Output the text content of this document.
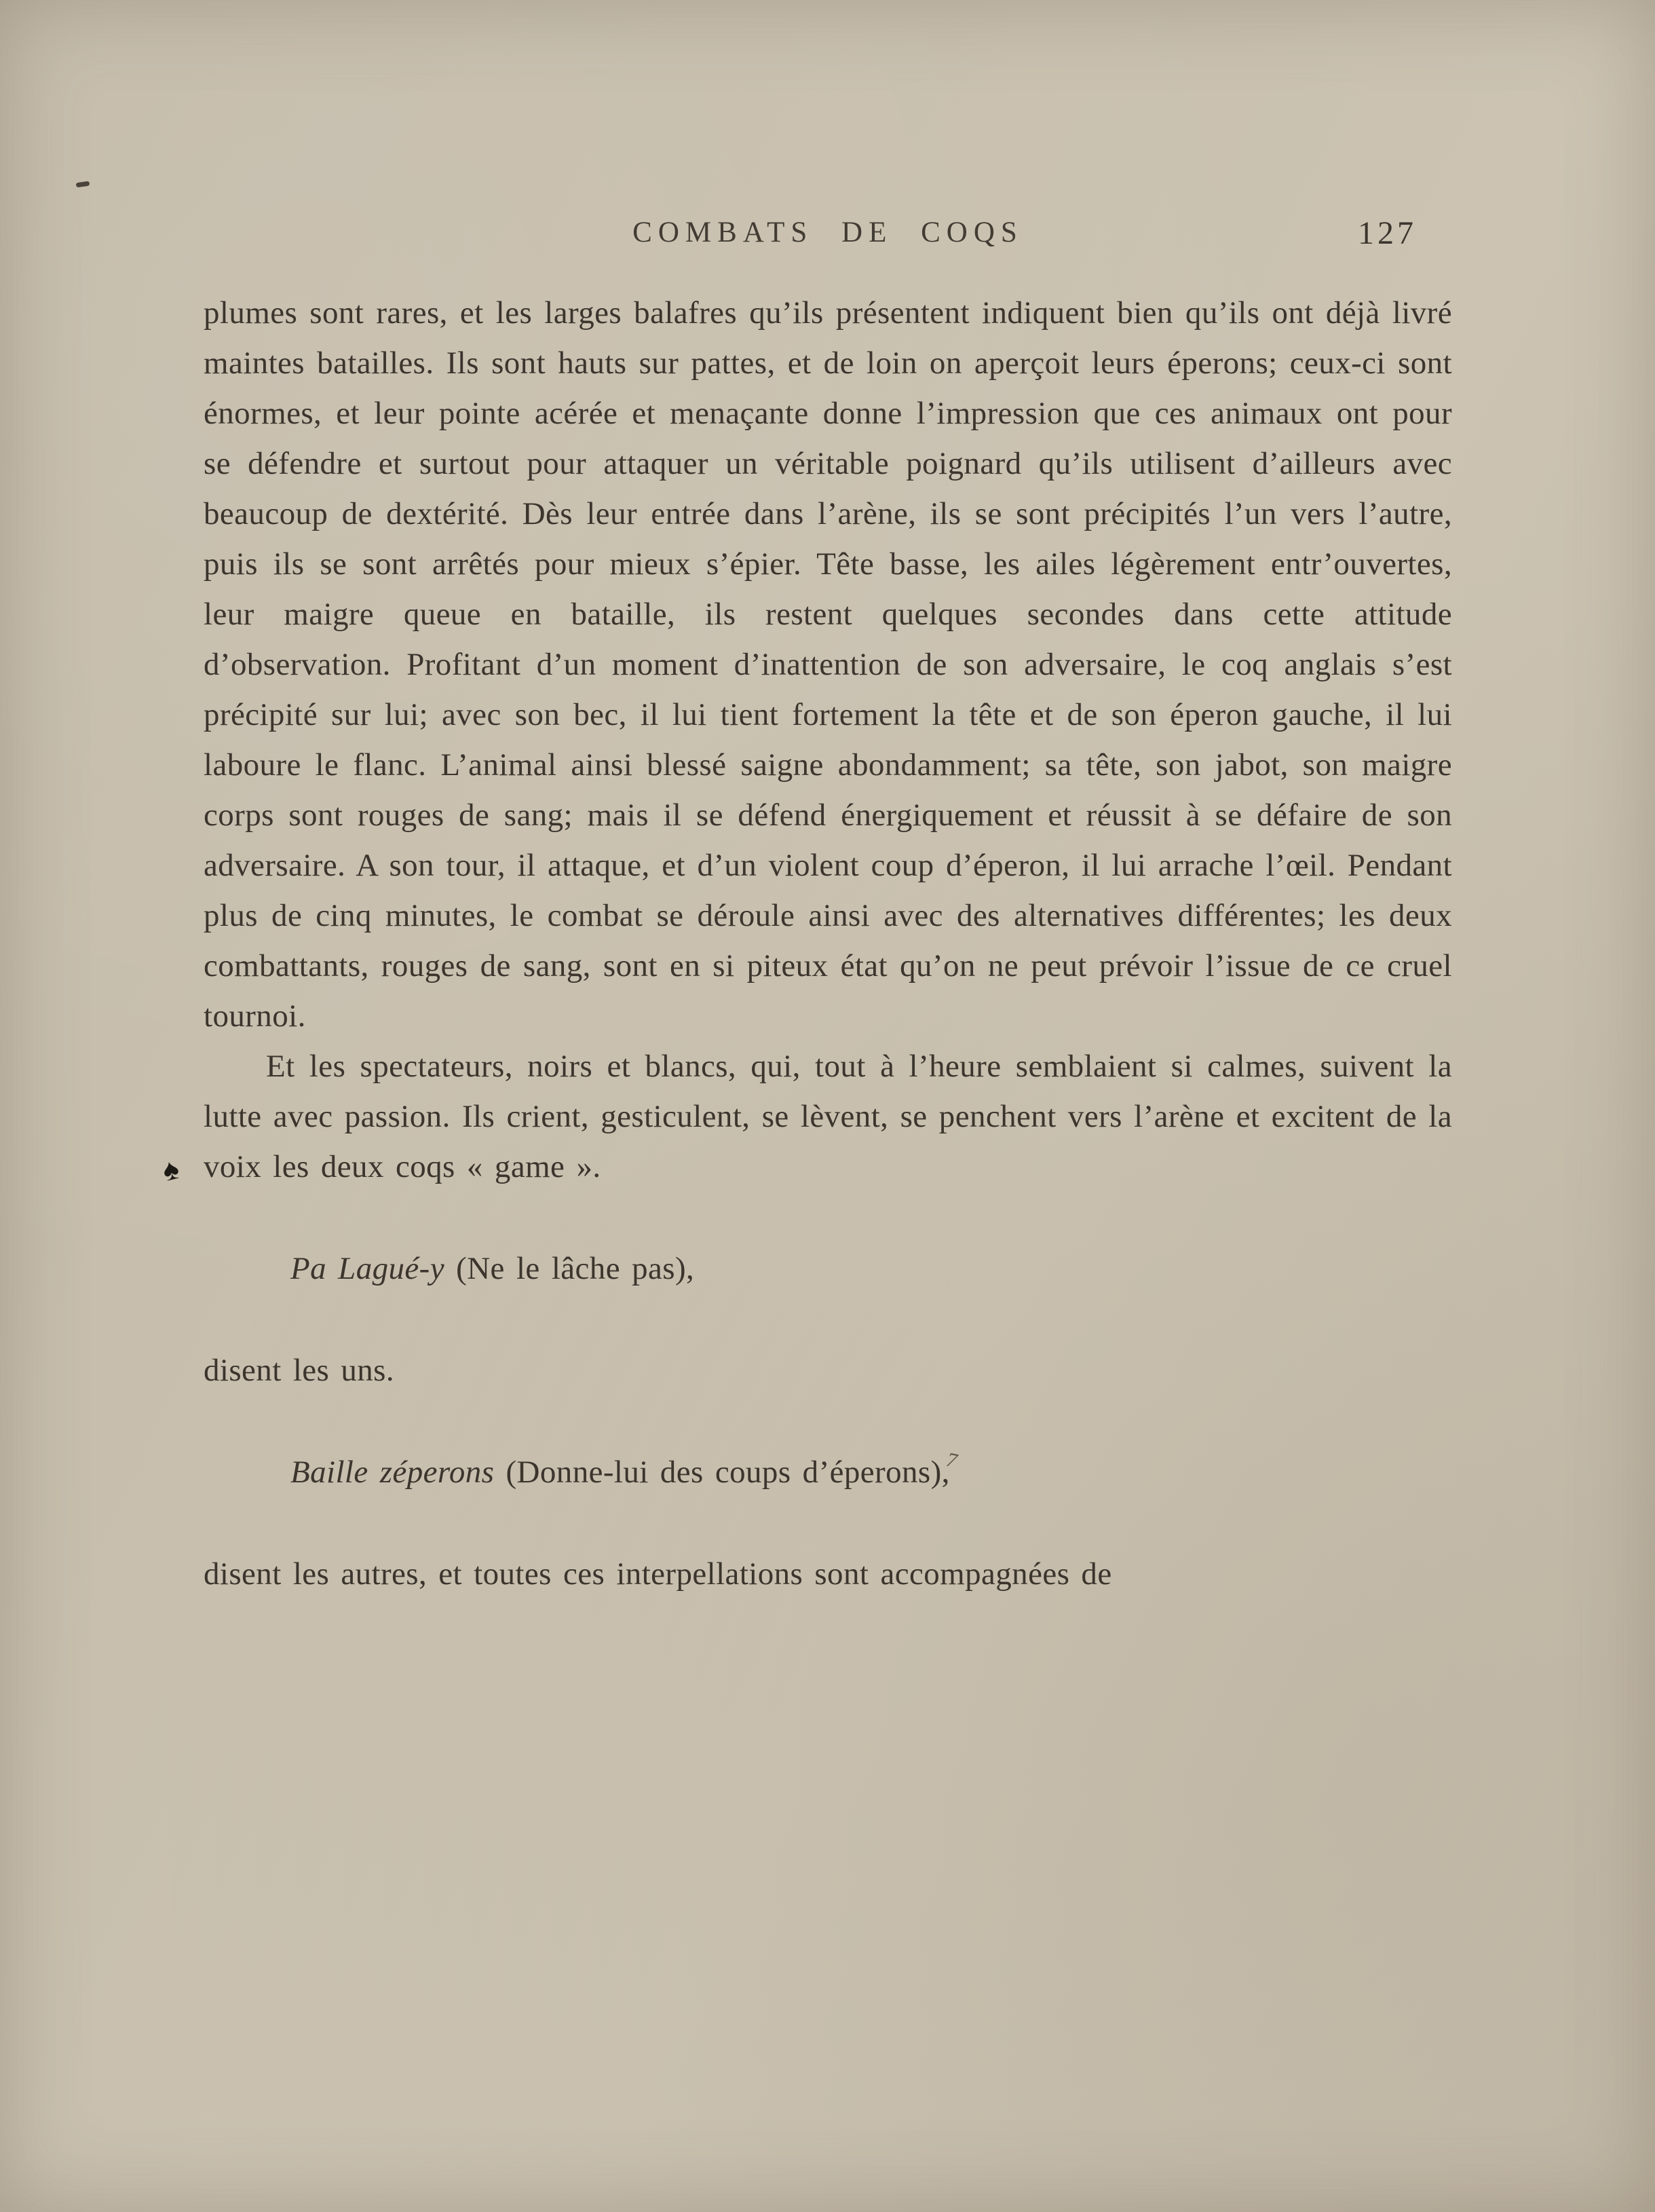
COMBATS DE COQS	127

plumes sont rares, et les larges balafres qu’ils présentent indiquent bien qu’ils ont déjà livré maintes batailles. Ils sont hauts sur pattes, et de loin on aperçoit leurs éperons; ceux-ci sont énormes, et leur pointe acérée et menaçante donne l’impression que ces animaux ont pour se défendre et surtout pour attaquer un véritable poignard qu’ils utilisent d’ailleurs avec beaucoup de dextérité. Dès leur entrée dans l’arène, ils se sont précipités l’un vers l’autre, puis ils se sont arrêtés pour mieux s’épier. Tête basse, les ailes légèrement entr’ouvertes, leur maigre queue en bataille, ils restent quelques secondes dans cette attitude d’observation. Profitant d’un moment d’inattention de son adversaire, le coq anglais s’est précipité sur lui; avec son bec, il lui tient fortement la tête et de son éperon gauche, il lui laboure le flanc. L’animal ainsi blessé saigne abondamment; sa tête, son jabot, son maigre corps sont rouges de sang; mais il se défend énergiquement et réussit à se défaire de son adversaire. A son tour, il attaque, et d’un violent coup d’éperon, il lui arrache l’œil. Pendant plus de cinq minutes, le combat se déroule ainsi avec des alternatives différentes; les deux combattants, rouges de sang, sont en si piteux état qu’on ne peut prévoir l’issue de ce cruel tournoi.

Et les spectateurs, noirs et blancs, qui, tout à l’heure semblaient si calmes, suivent la lutte avec passion. Ils crient, gesticulent, se lèvent, se penchent vers l’arène et excitent de la voix les deux coqs « game ».

Pa Lagué-y (Ne le lâche pas),

disent les uns.

Baille zéperons (Donne-lui des coups d’éperons),

disent les autres, et toutes ces interpellations sont accompagnées de

♠
7
